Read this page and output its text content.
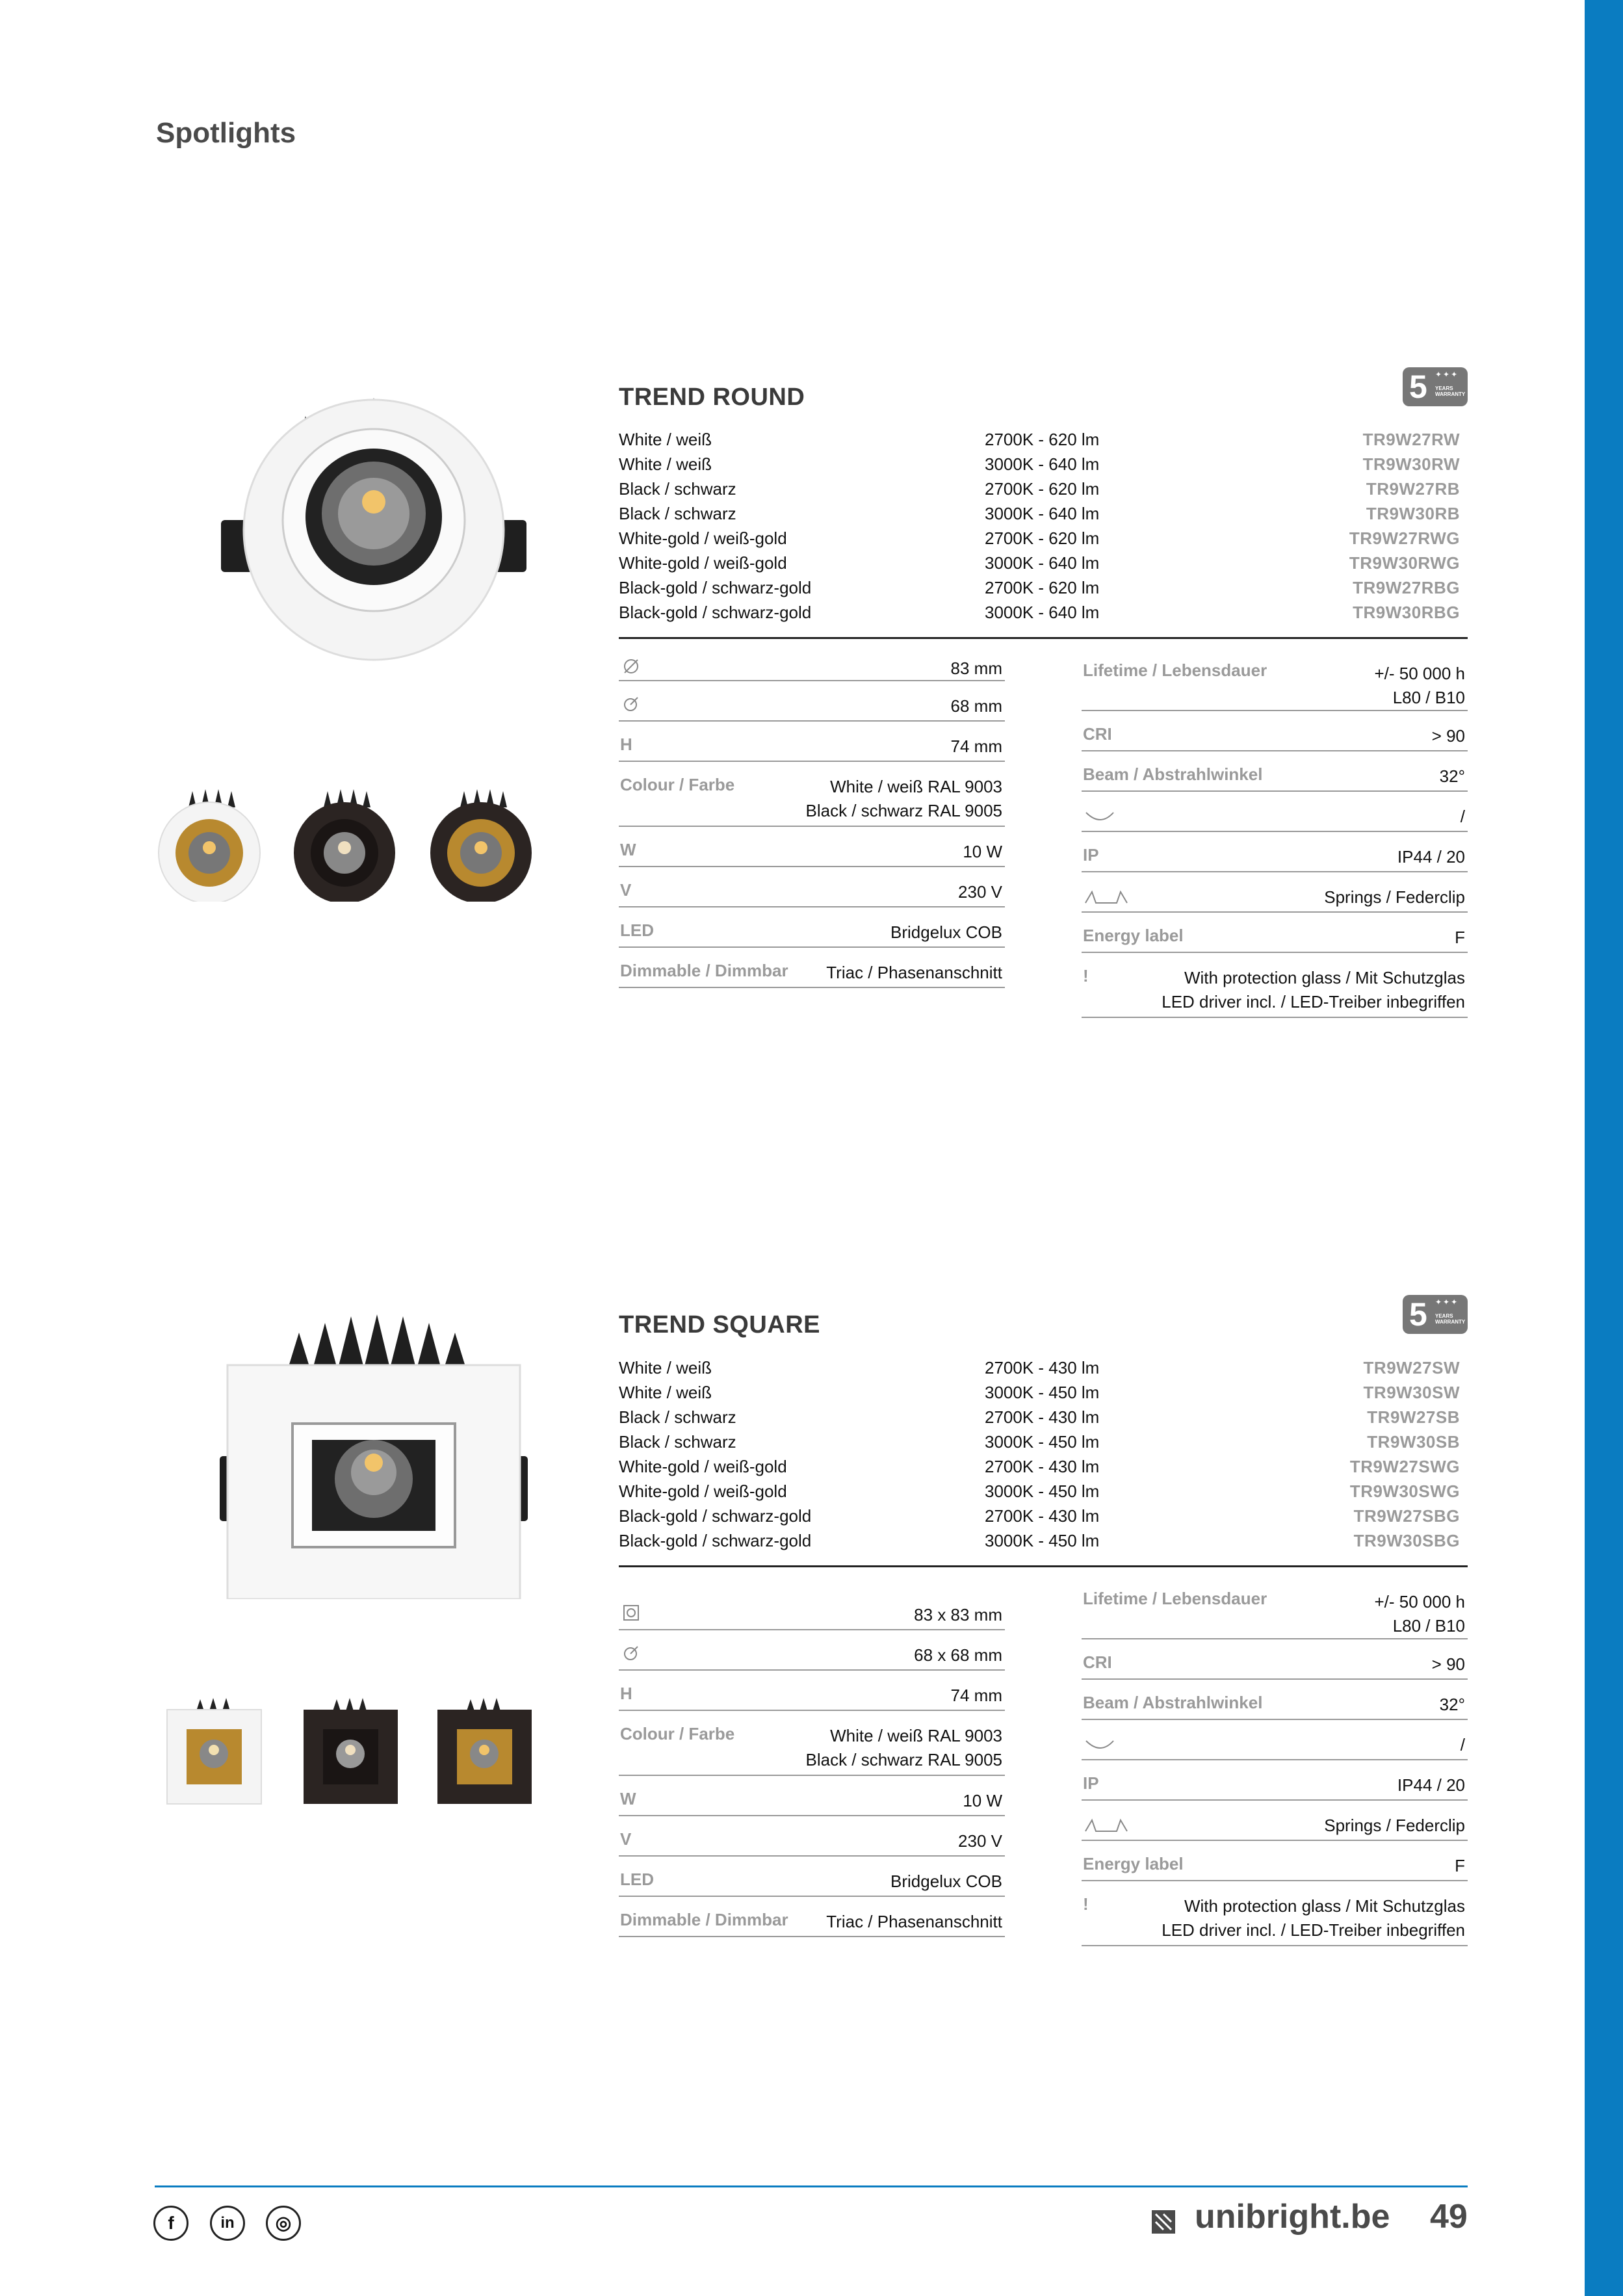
Spotlights
TREND ROUND	5 ✦✦✦
YEARS WARRANTY
White / weiß	2700K - 620 lm	TR9W27RW
White / weiß	3000K - 640 lm	TR9W30RW
Black / schwarz	2700K - 620 lm	TR9W27RB
Black / schwarz	3000K - 640 lm	TR9W30RB
White-gold / weiß-gold	2700K - 620 lm	TR9W27RWG
White-gold / weiß-gold	3000K - 640 lm	TR9W30RWG
Black-gold / schwarz-gold	2700K - 620 lm	TR9W27RBG
Black-gold / schwarz-gold	3000K - 640 lm	TR9W30RBG
83 mm
68 mm
H	74 mm
Colour / Farbe	White / weiß RAL 9003
Black / schwarz RAL 9005
W	10 W
V	230 V
LED	Bridgelux COB
Dimmable / Dimmbar	Triac / Phasenanschnitt
Lifetime / Lebensdauer	+/- 50 000 h
L80 / B10
CRI	> 90
Beam / Abstrahlwinkel	32°
/
IP	IP44 / 20
Springs / Federclip
Energy label	F
!	With protection glass / Mit Schutzglas
LED driver incl. / LED-Treiber inbegriffen
TREND SQUARE	5 ✦✦✦
YEARS WARRANTY
White / weiß	2700K - 430 lm	TR9W27SW
White / weiß	3000K - 450 lm	TR9W30SW
Black / schwarz	2700K - 430 lm	TR9W27SB
Black / schwarz	3000K - 450 lm	TR9W30SB
White-gold / weiß-gold	2700K - 430 lm	TR9W27SWG
White-gold / weiß-gold	3000K - 450 lm	TR9W30SWG
Black-gold / schwarz-gold	2700K - 430 lm	TR9W27SBG
Black-gold / schwarz-gold	3000K - 450 lm	TR9W30SBG
83 x 83 mm
68 x 68 mm
H	74 mm
Colour / Farbe	White / weiß RAL 9003
Black / schwarz RAL 9005
W	10 W
V	230 V
LED	Bridgelux COB
Dimmable / Dimmbar	Triac / Phasenanschnitt
Lifetime / Lebensdauer	+/- 50 000 h
L80 / B10
CRI	> 90
Beam / Abstrahlwinkel	32°
/
IP	IP44 / 20
Springs / Federclip
Energy label	F
!	With protection glass / Mit Schutzglas
LED driver incl. / LED-Treiber inbegriffen
f	in	◎	unibright.be 49
